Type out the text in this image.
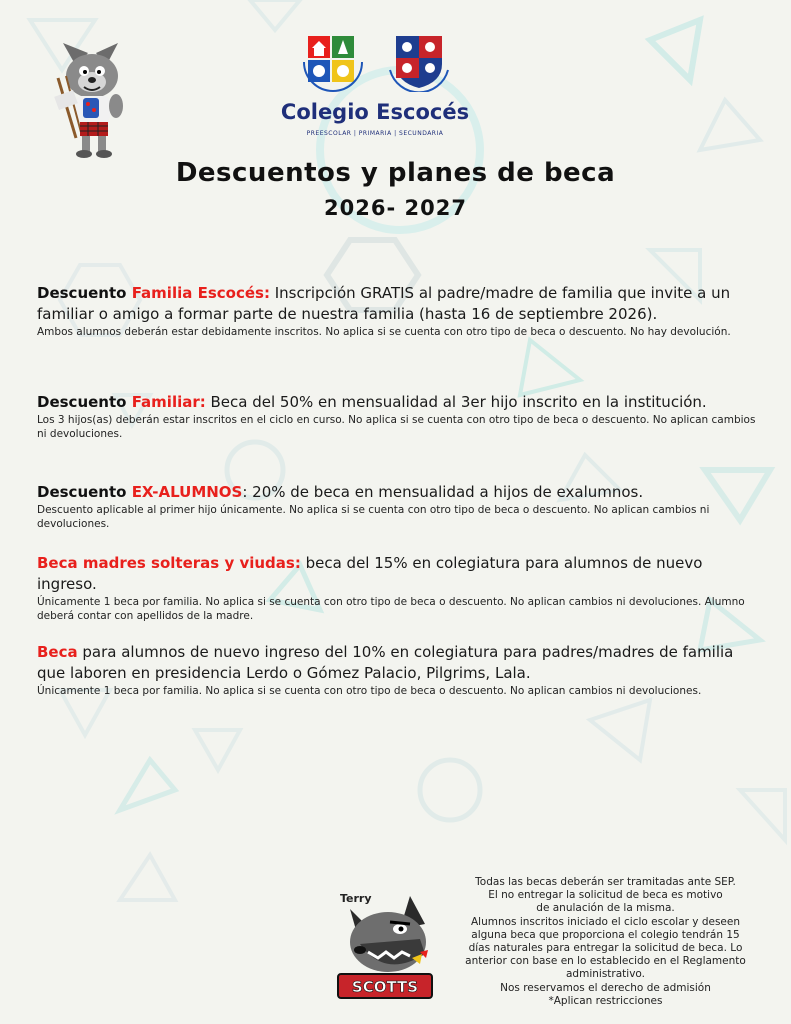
Colegio Escocés
PREESCOLAR | PRIMARIA | SECUNDARIA
Descuentos y planes de beca
2026- 2027

Descuento Familia Escocés: Inscripción GRATIS al padre/madre de familia que invite a un familiar o amigo a formar parte de nuestra familia (hasta 16 de septiembre 2026).

Ambos alumnos deberán estar debidamente inscritos. No aplica si se cuenta con otro tipo de beca o descuento. No hay devolución.

Descuento Familiar: Beca del 50% en mensualidad al 3er hijo inscrito en la institución.

Los 3 hijos(as) deberán estar inscritos en el ciclo en curso. No aplica si se cuenta con otro tipo de beca o descuento. No aplican cambios ni devoluciones.

Descuento EX-ALUMNOS: 20% de beca en mensualidad a hijos de exalumnos.

Descuento aplicable al primer hijo únicamente. No aplica si se cuenta con otro tipo de beca o descuento. No aplican cambios ni devoluciones.

Beca madres solteras y viudas: beca del 15% en colegiatura para alumnos de nuevo ingreso.

Únicamente 1 beca por familia. No aplica si se cuenta con otro tipo de beca o descuento. No aplican cambios ni devoluciones. Alumno deberá contar con apellidos de la madre.

Beca para alumnos de nuevo ingreso del 10% en colegiatura para padres/madres de familia que laboren en presidencia Lerdo o Gómez Palacio, Pilgrims, Lala.

Únicamente 1 beca por familia. No aplica si se cuenta con otro tipo de beca o descuento. No aplican cambios ni devoluciones.

Terry
SCOTTS
Todas las becas deberán ser tramitadas ante SEP.
El no entregar la solicitud de beca es motivo
de anulación de la misma.
Alumnos inscritos iniciado el ciclo escolar y deseen
alguna beca que proporciona el colegio tendrán 15
días naturales para entregar la solicitud de beca. Lo
anterior con base en lo establecido en el Reglamento
administrativo.
Nos reservamos el derecho de admisión
*Aplican restricciones
